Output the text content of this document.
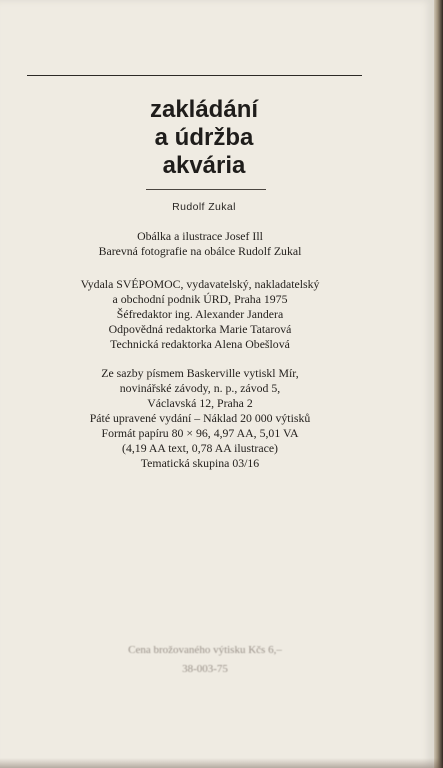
zakládání
a údržba
akvária
Rudolf Zukal
Obálka a ilustrace Josef Ill
Barevná fotografie na obálce Rudolf Zukal
Vydala SVÉPOMOC, vydavatelský, nakladatelský
a obchodní podnik ÚRD, Praha 1975
Šéfredaktor ing. Alexander Jandera
Odpovědná redaktorka Marie Tatarová
Technická redaktorka Alena Obešlová
Ze sazby písmem Baskerville vytiskl Mír,
novinářské závody, n. p., závod 5,
Václavská 12, Praha 2
Páté upravené vydání – Náklad 20 000 výtisků
Formát papíru 80 × 96, 4,97 AA, 5,01 VA
(4,19 AA text, 0,78 AA ilustrace)
Tematická skupina 03/16
Cena brožovaného výtisku Kčs 6,–
38-003-75
